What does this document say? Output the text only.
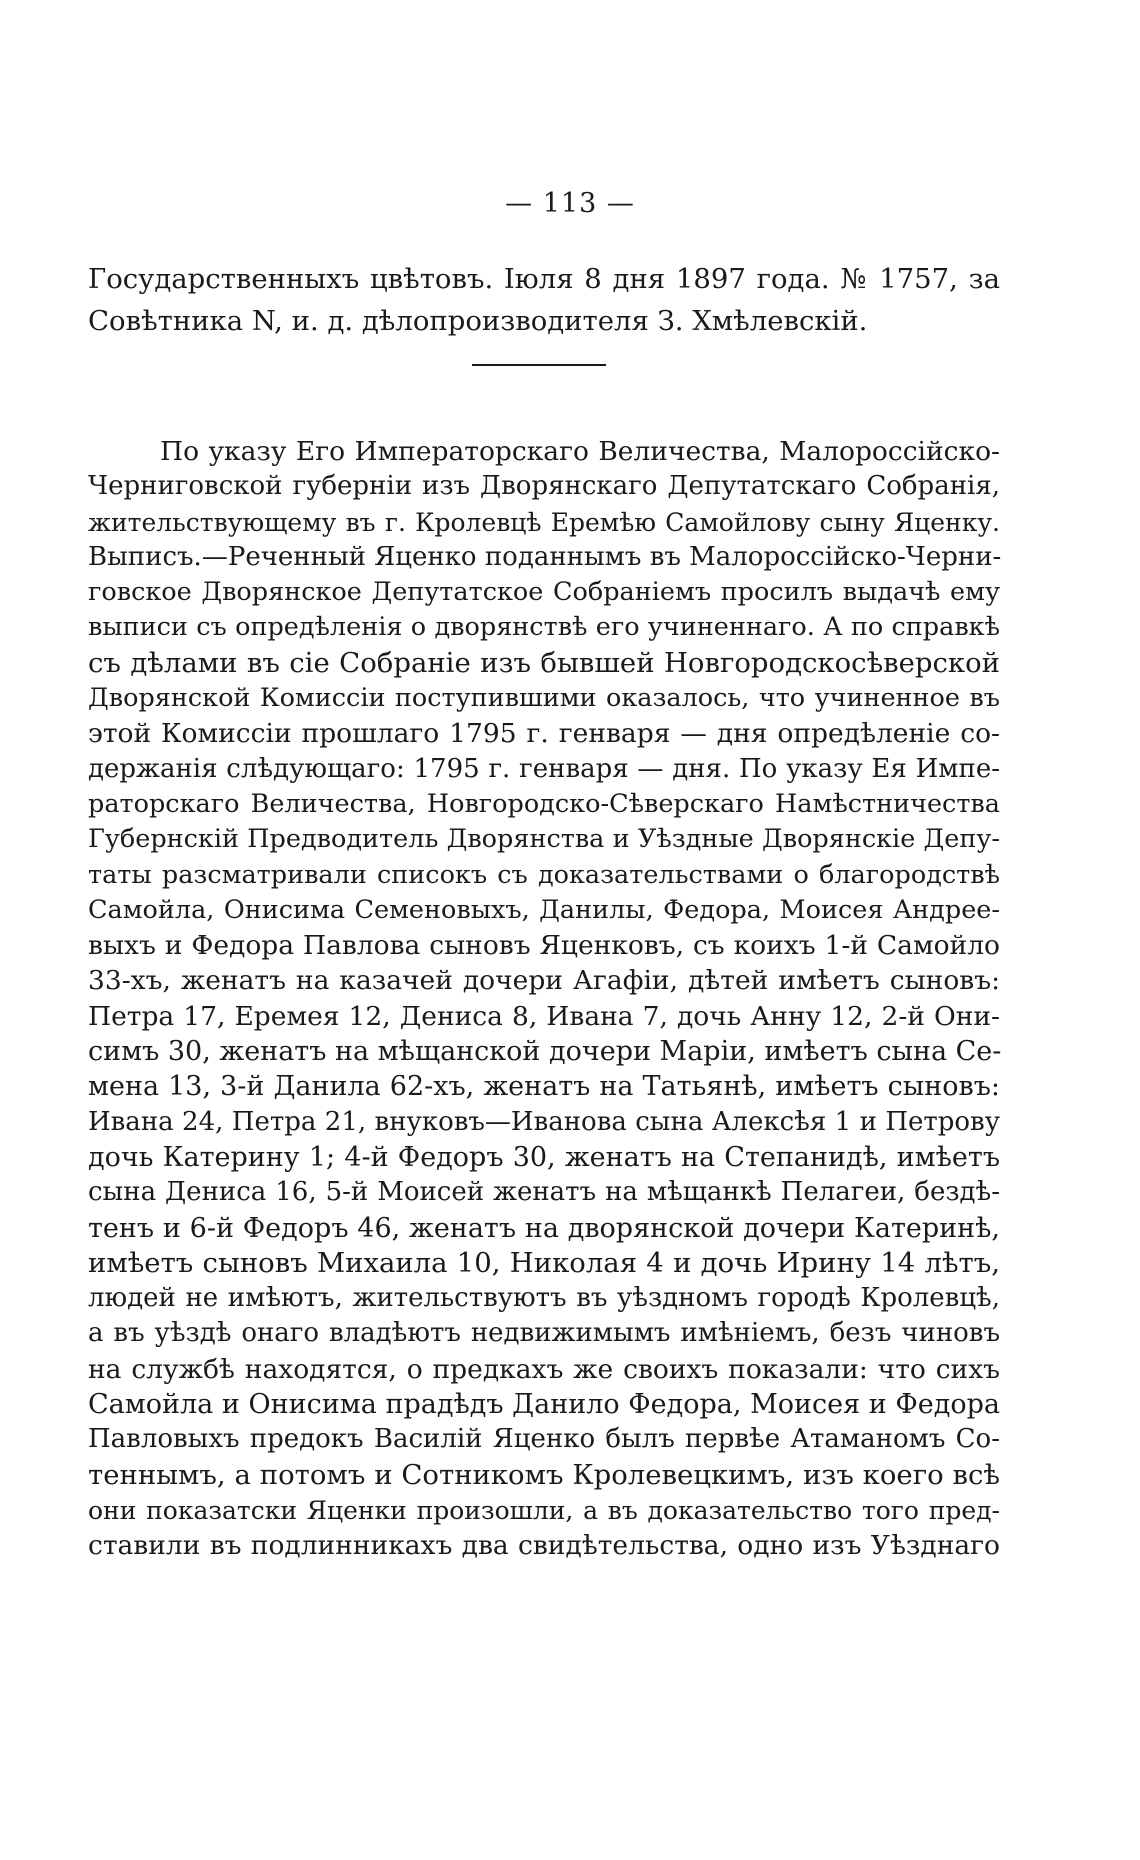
— 113 —
Государственныхъ цвѣтовъ. Іюля 8 дня 1897 года. № 1757, за
Совѣтника N, и. д. дѣлопроизводителя З. Хмѣлевскій.
По указу Его Императорскаго Величества, Малороссійско-
Черниговской губерніи изъ Дворянскаго Депутатскаго Собранія,
жительствующему въ г. Кролевцѣ Еремѣю Самойлову сыну Яценку.
Выписъ.—Реченный Яценко поданнымъ въ Малороссійско-Черни-
говское Дворянское Депутатское Собраніемъ просилъ выдачѣ ему
выписи съ опредѣленія о дворянствѣ его учиненнаго. А по справкѣ
съ дѣлами въ сіе Собраніе изъ бывшей Новгородскосѣверской
Дворянской Комиссіи поступившими оказалось, что учиненное въ
этой Комиссіи прошлаго 1795 г. генваря — дня опредѣленіе со-
держанія слѣдующаго: 1795 г. генваря — дня. По указу Ея Импе-
раторскаго Величества, Новгородско-Сѣверскаго Намѣстничества
Губернскій Предводитель Дворянства и Уѣздные Дворянскіе Депу-
таты разсматривали списокъ съ доказательствами о благородствѣ
Самойла, Онисима Семеновыхъ, Данилы, Федора, Моисея Андрее-
выхъ и Федора Павлова сыновъ Яценковъ, съ коихъ 1-й Самойло
33-хъ, женатъ на казачей дочери Агафіи, дѣтей имѣетъ сыновъ:
Петра 17, Еремея 12, Дениса 8, Ивана 7, дочь Анну 12, 2-й Они-
симъ 30, женатъ на мѣщанской дочери Маріи, имѣетъ сына Се-
мена 13, 3-й Данила 62-хъ, женатъ на Татьянѣ, имѣетъ сыновъ:
Ивана 24, Петра 21, внуковъ—Иванова сына Алексѣя 1 и Петрову
дочь Катерину 1; 4-й Федоръ 30, женатъ на Степанидѣ, имѣетъ
сына Дениса 16, 5-й Моисей женатъ на мѣщанкѣ Пелагеи, бездѣ-
тенъ и 6-й Федоръ 46, женатъ на дворянской дочери Катеринѣ,
имѣетъ сыновъ Михаила 10, Николая 4 и дочь Ирину 14 лѣтъ,
людей не имѣютъ, жительствуютъ въ уѣздномъ городѣ Кролевцѣ,
а въ уѣздѣ онаго владѣютъ недвижимымъ имѣніемъ, безъ чиновъ
на службѣ находятся, о предкахъ же своихъ показали: что сихъ
Самойла и Онисима прадѣдъ Данило Федора, Моисея и Федора
Павловыхъ предокъ Василій Яценко былъ первѣе Атаманомъ Со-
теннымъ, а потомъ и Сотникомъ Кролевецкимъ, изъ коего всѣ
они показатски Яценки произошли, а въ доказательство того пред-
ставили въ подлинникахъ два свидѣтельства, одно изъ Уѣзднаго
